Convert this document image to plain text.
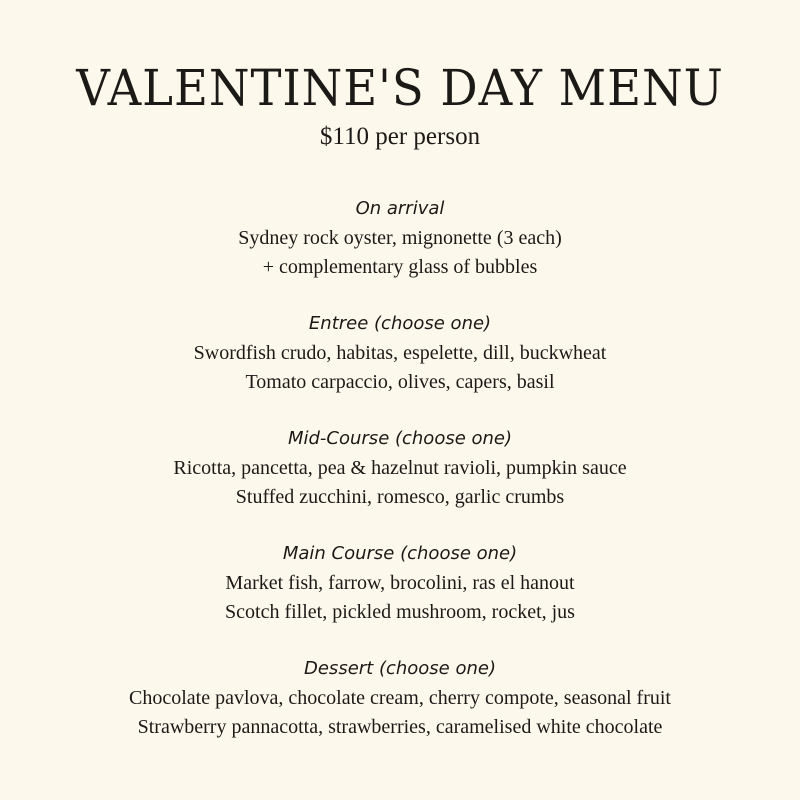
VALENTINE'S DAY MENU
$110 per person
On arrival
Sydney rock oyster, mignonette (3 each)
+ complementary glass of bubbles
Entree (choose one)
Swordfish crudo, habitas, espelette, dill, buckwheat
Tomato carpaccio, olives, capers, basil
Mid-Course (choose one)
Ricotta, pancetta, pea & hazelnut ravioli, pumpkin sauce
Stuffed zucchini, romesco, garlic crumbs
Main Course (choose one)
Market fish, farrow, brocolini, ras el hanout
Scotch fillet, pickled mushroom, rocket, jus
Dessert (choose one)
Chocolate pavlova, chocolate cream, cherry compote, seasonal fruit
Strawberry pannacotta, strawberries, caramelised white chocolate
